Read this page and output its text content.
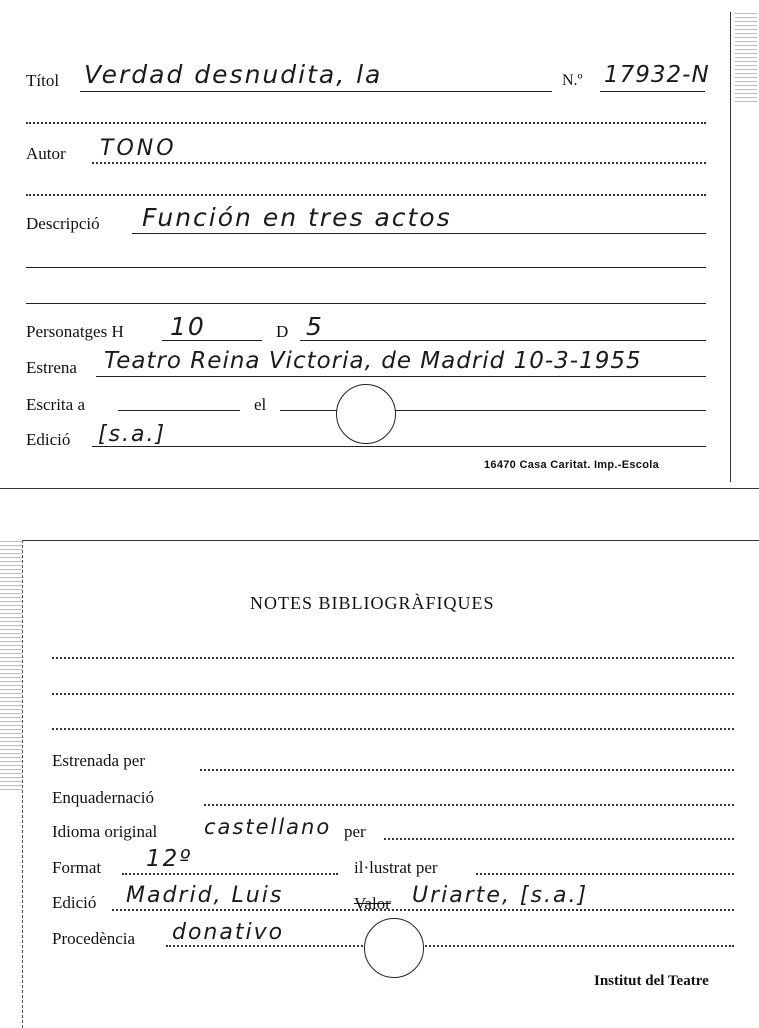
Títol Verdad desnudita, la	N.º 17932-N
Autor TONO
Descripció Función en tres actos
Personatges H 10	D 5
Estrena Teatro Reina Victoria, de Madrid 10-3-1955
Escrita a	el
Edició [s.a.]
16470 Casa Caritat. Imp.-Escola
NOTES BIBLIOGRÀFIQUES
Estrenada per
Enquadernació
Idioma original castellano per
Format 12º	il·lustrat per
Edició Madrid, Luis	Valor Uriarte, [s.a.]
Procedència donativo
Institut del Teatre
